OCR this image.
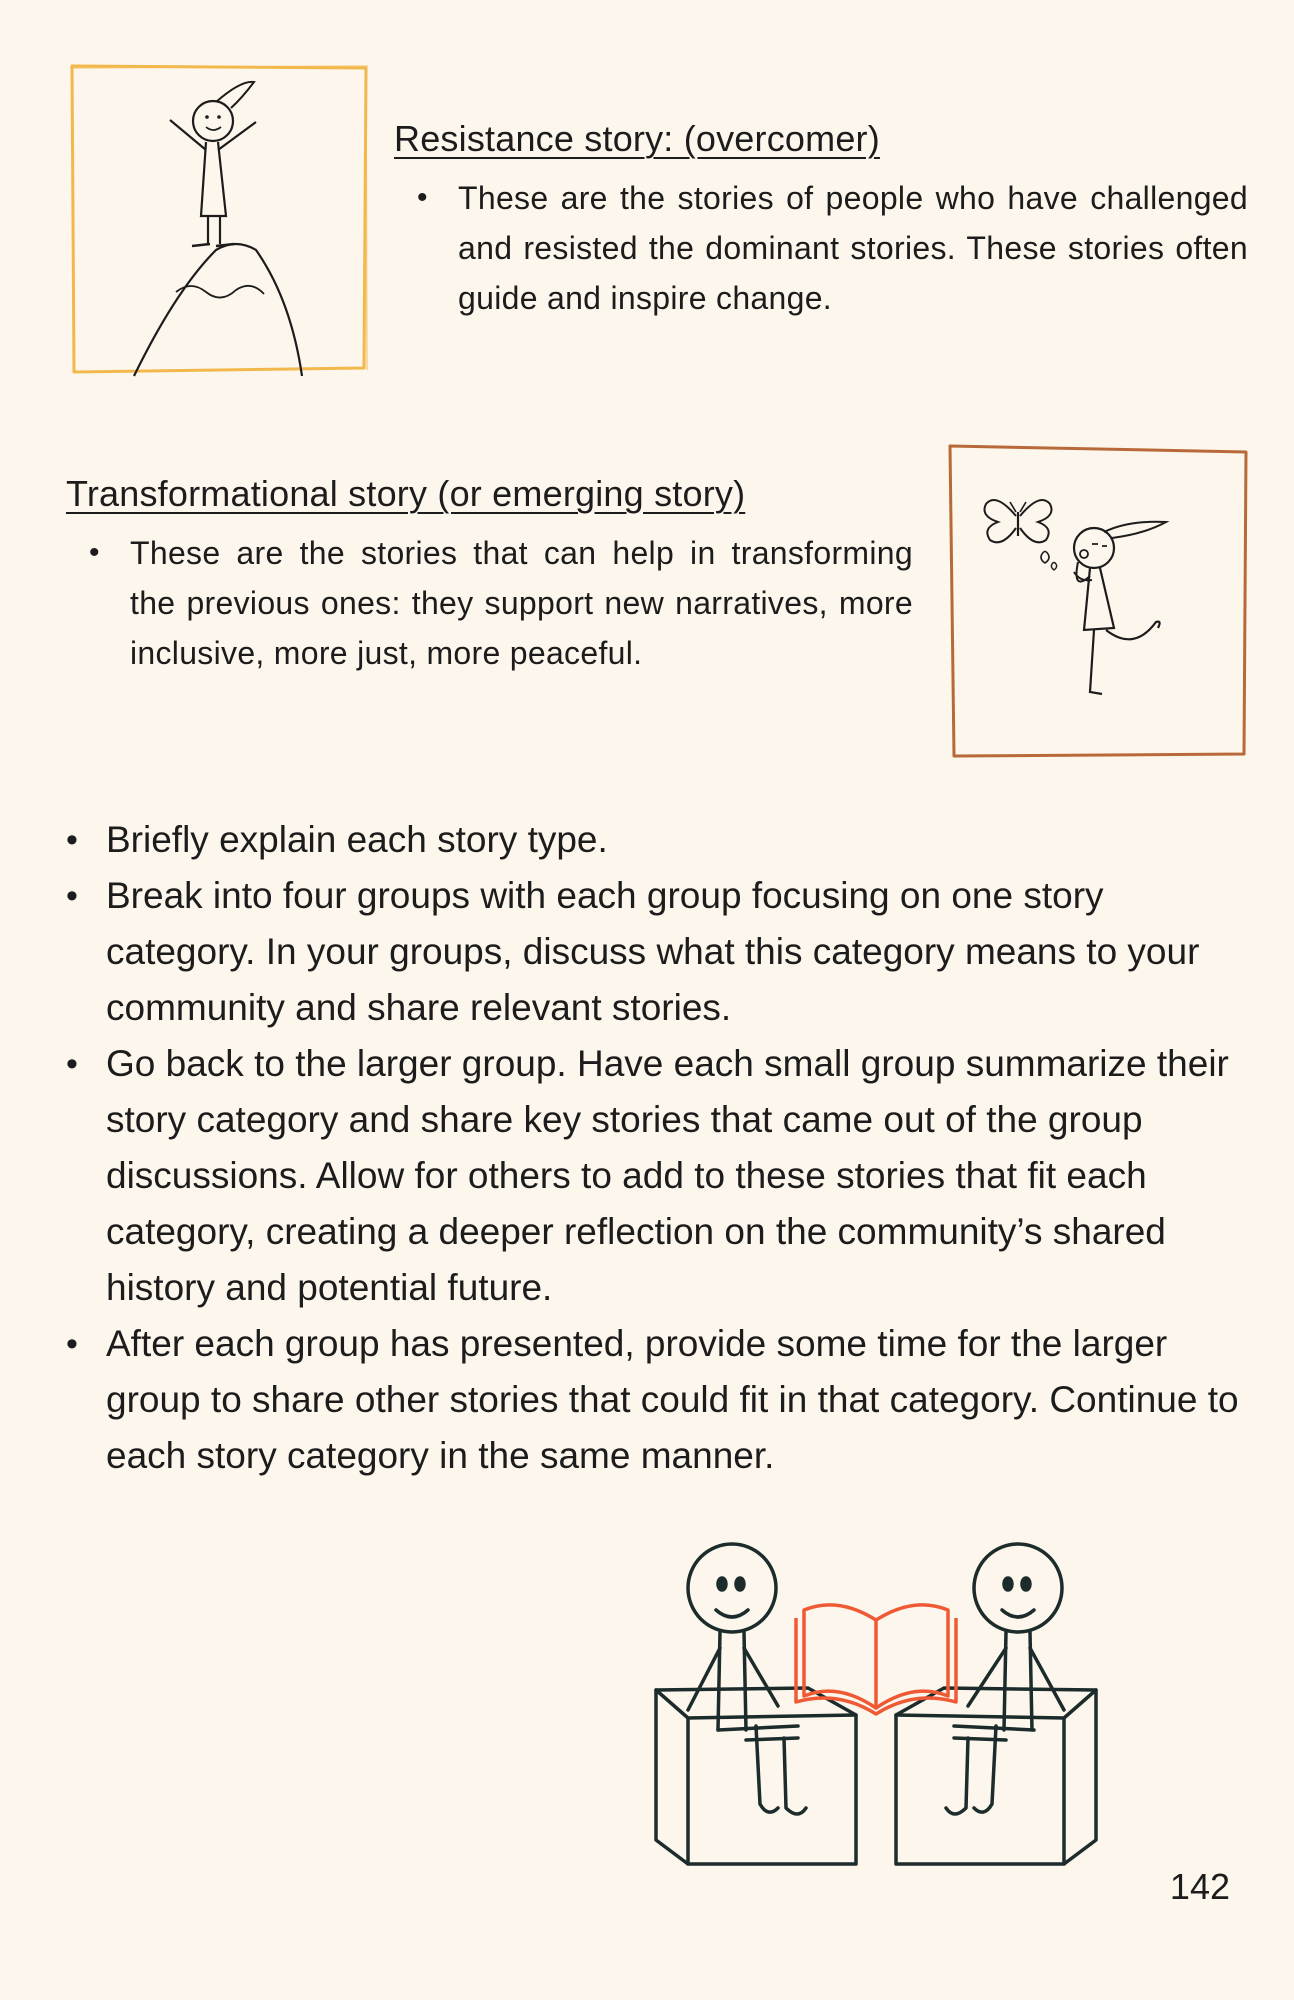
Resistance story: (overcomer)
• These are the stories of people who have challenged and resisted the dominant stories. These stories often guide and inspire change.
Transformational story (or emerging story)
• These are the stories that can help in transforming the previous ones: they support new narratives, more inclusive, more just, more peaceful.
• Briefly explain each story type.
• Break into four groups with each group focusing on one story category. In your groups, discuss what this category means to your community and share relevant stories.
• Go back to the larger group. Have each small group summarize their story category and share key stories that came out of the group discussions. Allow for others to add to these stories that fit each category, creating a deeper reflection on the community’s shared history and potential future.
• After each group has presented, provide some time for the larger group to share other stories that could fit in that category. Continue to each story category in the same manner.
142
